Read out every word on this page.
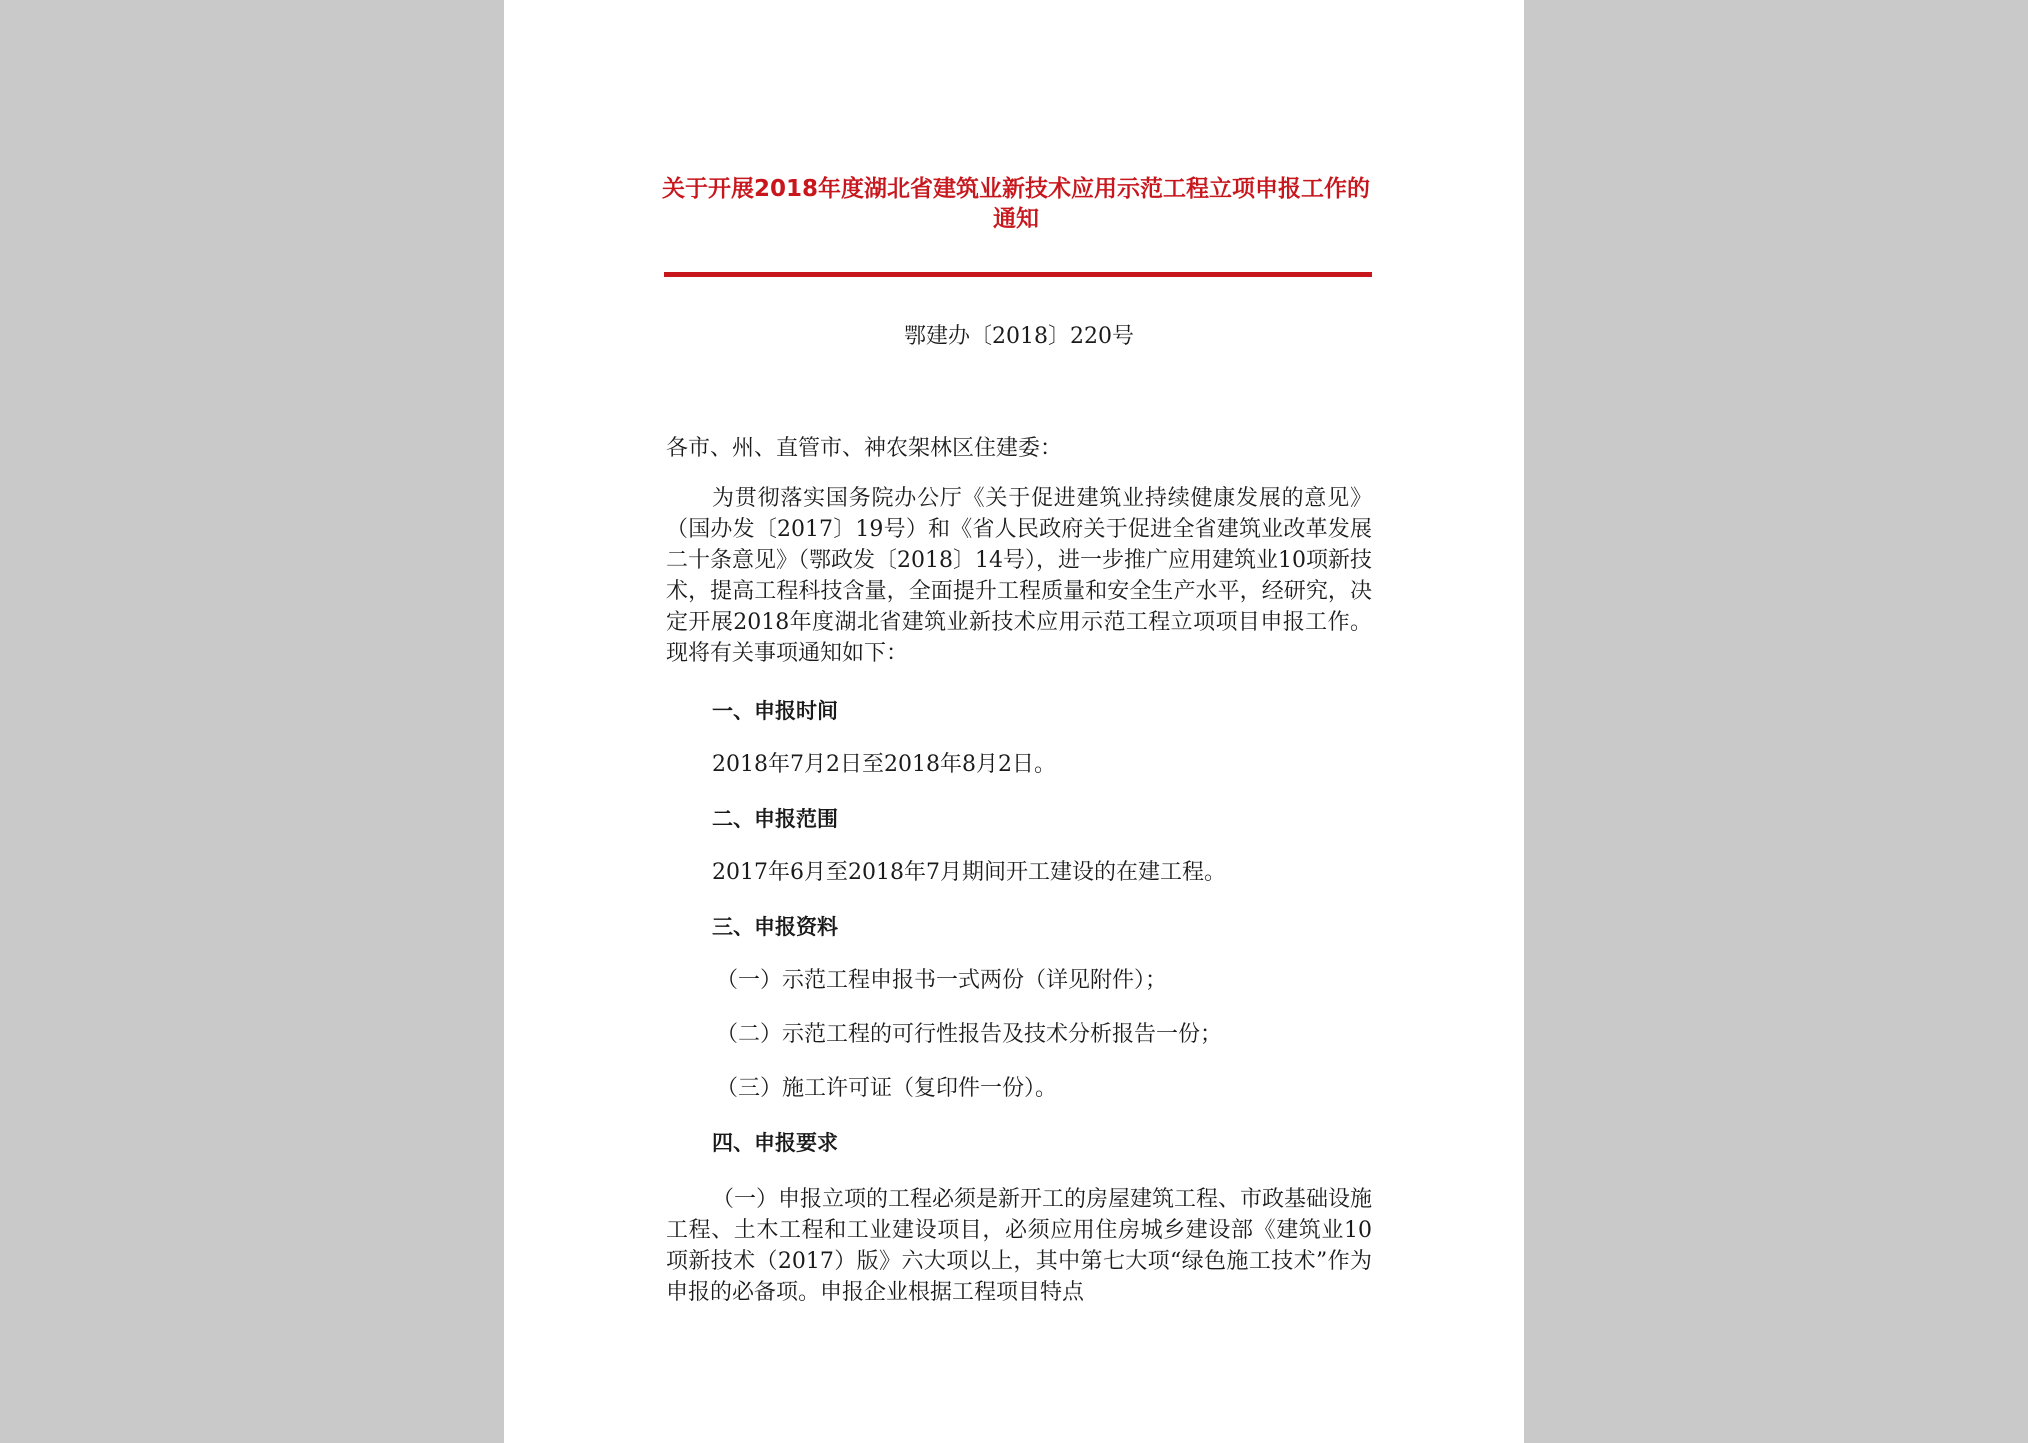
关于开展2018年度湖北省建筑业新技术应用示范工程立项申报工作的通知
鄂建办〔2018〕220号

各市、州、直管市、神农架林区住建委：

为贯彻落实国务院办公厅《关于促进建筑业持续健康发展的意见》（国办发〔2017〕19号）和《省人民政府关于促进全省建筑业改革发展二十条意见》（鄂政发〔2018〕14号），进一步推广应用建筑业10项新技术，提高工程科技含量，全面提升工程质量和安全生产水平，经研究，决定开展2018年度湖北省建筑业新技术应用示范工程立项项目申报工作。现将有关事项通知如下：

一、申报时间
2018年7月2日至2018年8月2日。
二、申报范围
2017年6月至2018年7月期间开工建设的在建工程。
三、申报资料
（一）示范工程申报书一式两份（详见附件）；
（二）示范工程的可行性报告及技术分析报告一份；
（三）施工许可证（复印件一份）。
四、申报要求

（一）申报立项的工程必须是新开工的房屋建筑工程、市政基础设施工程、土木工程和工业建设项目，必须应用住房城乡建设部《建筑业10项新技术（2017）版》六大项以上，其中第七大项“绿色施工技术”作为申报的必备项。申报企业根据工程项目特点
